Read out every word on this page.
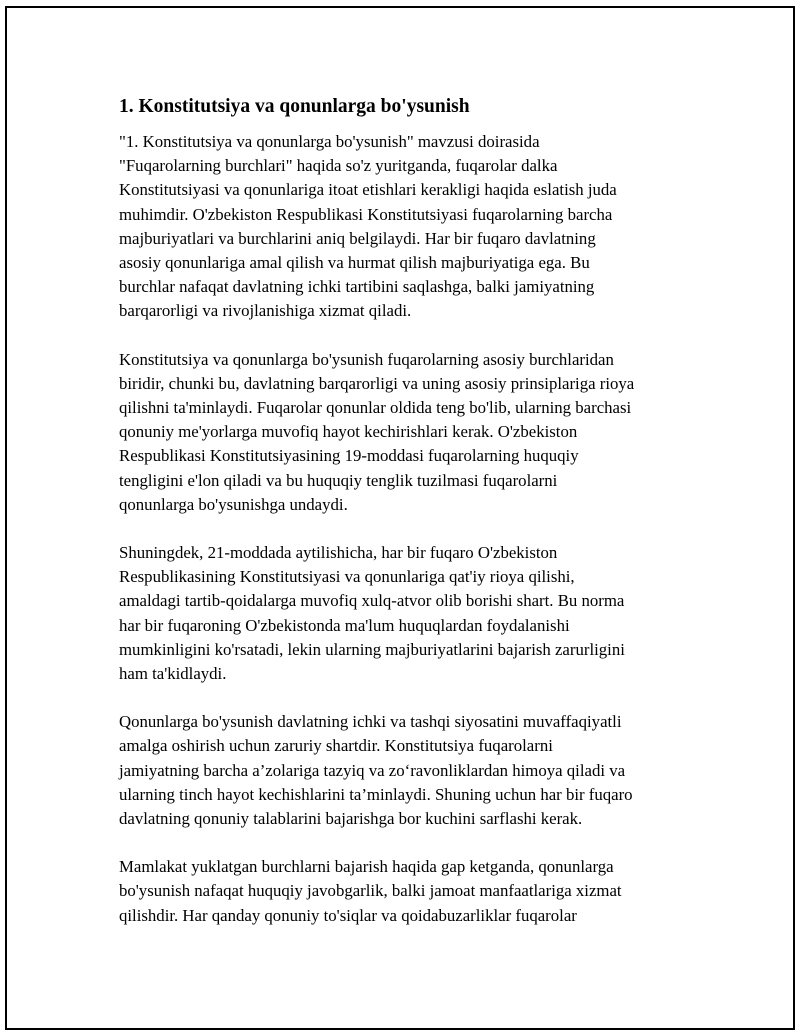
1. Konstitutsiya va qonunlarga bo'ysunish

"1. Konstitutsiya va qonunlarga bo'ysunish" mavzusi doirasida
"Fuqarolarning burchlari" haqida so'z yuritganda, fuqarolar dalka
Konstitutsiyasi va qonunlariga itoat etishlari kerakligi haqida eslatish juda
muhimdir. O'zbekiston Respublikasi Konstitutsiyasi fuqarolarning barcha
majburiyatlari va burchlarini aniq belgilaydi. Har bir fuqaro davlatning
asosiy qonunlariga amal qilish va hurmat qilish majburiyatiga ega. Bu
burchlar nafaqat davlatning ichki tartibini saqlashga, balki jamiyatning
barqarorligi va rivojlanishiga xizmat qiladi.

Konstitutsiya va qonunlarga bo'ysunish fuqarolarning asosiy burchlaridan
biridir, chunki bu, davlatning barqarorligi va uning asosiy prinsiplariga rioya
qilishni ta'minlaydi. Fuqarolar qonunlar oldida teng bo'lib, ularning barchasi
qonuniy me'yorlarga muvofiq hayot kechirishlari kerak. O'zbekiston
Respublikasi Konstitutsiyasining 19-moddasi fuqarolarning huquqiy
tengligini e'lon qiladi va bu huquqiy tenglik tuzilmasi fuqarolarni
qonunlarga bo'ysunishga undaydi.

Shuningdek, 21-moddada aytilishicha, har bir fuqaro O'zbekiston
Respublikasining Konstitutsiyasi va qonunlariga qat'iy rioya qilishi,
amaldagi tartib-qoidalarga muvofiq xulq-atvor olib borishi shart. Bu norma
har bir fuqaroning O'zbekistonda ma'lum huquqlardan foydalanishi
mumkinligini ko'rsatadi, lekin ularning majburiyatlarini bajarish zarurligini
ham ta'kidlaydi.

Qonunlarga bo'ysunish davlatning ichki va tashqi siyosatini muvaffaqiyatli
amalga oshirish uchun zaruriy shartdir. Konstitutsiya fuqarolarni
jamiyatning barcha a’zolariga tazyiq va zo‘ravonliklardan himoya qiladi va
ularning tinch hayot kechishlarini ta’minlaydi. Shuning uchun har bir fuqaro
davlatning qonuniy talablarini bajarishga bor kuchini sarflashi kerak.

Mamlakat yuklatgan burchlarni bajarish haqida gap ketganda, qonunlarga
bo'ysunish nafaqat huquqiy javobgarlik, balki jamoat manfaatlariga xizmat
qilishdir. Har qanday qonuniy to'siqlar va qoidabuzarliklar fuqarolar
